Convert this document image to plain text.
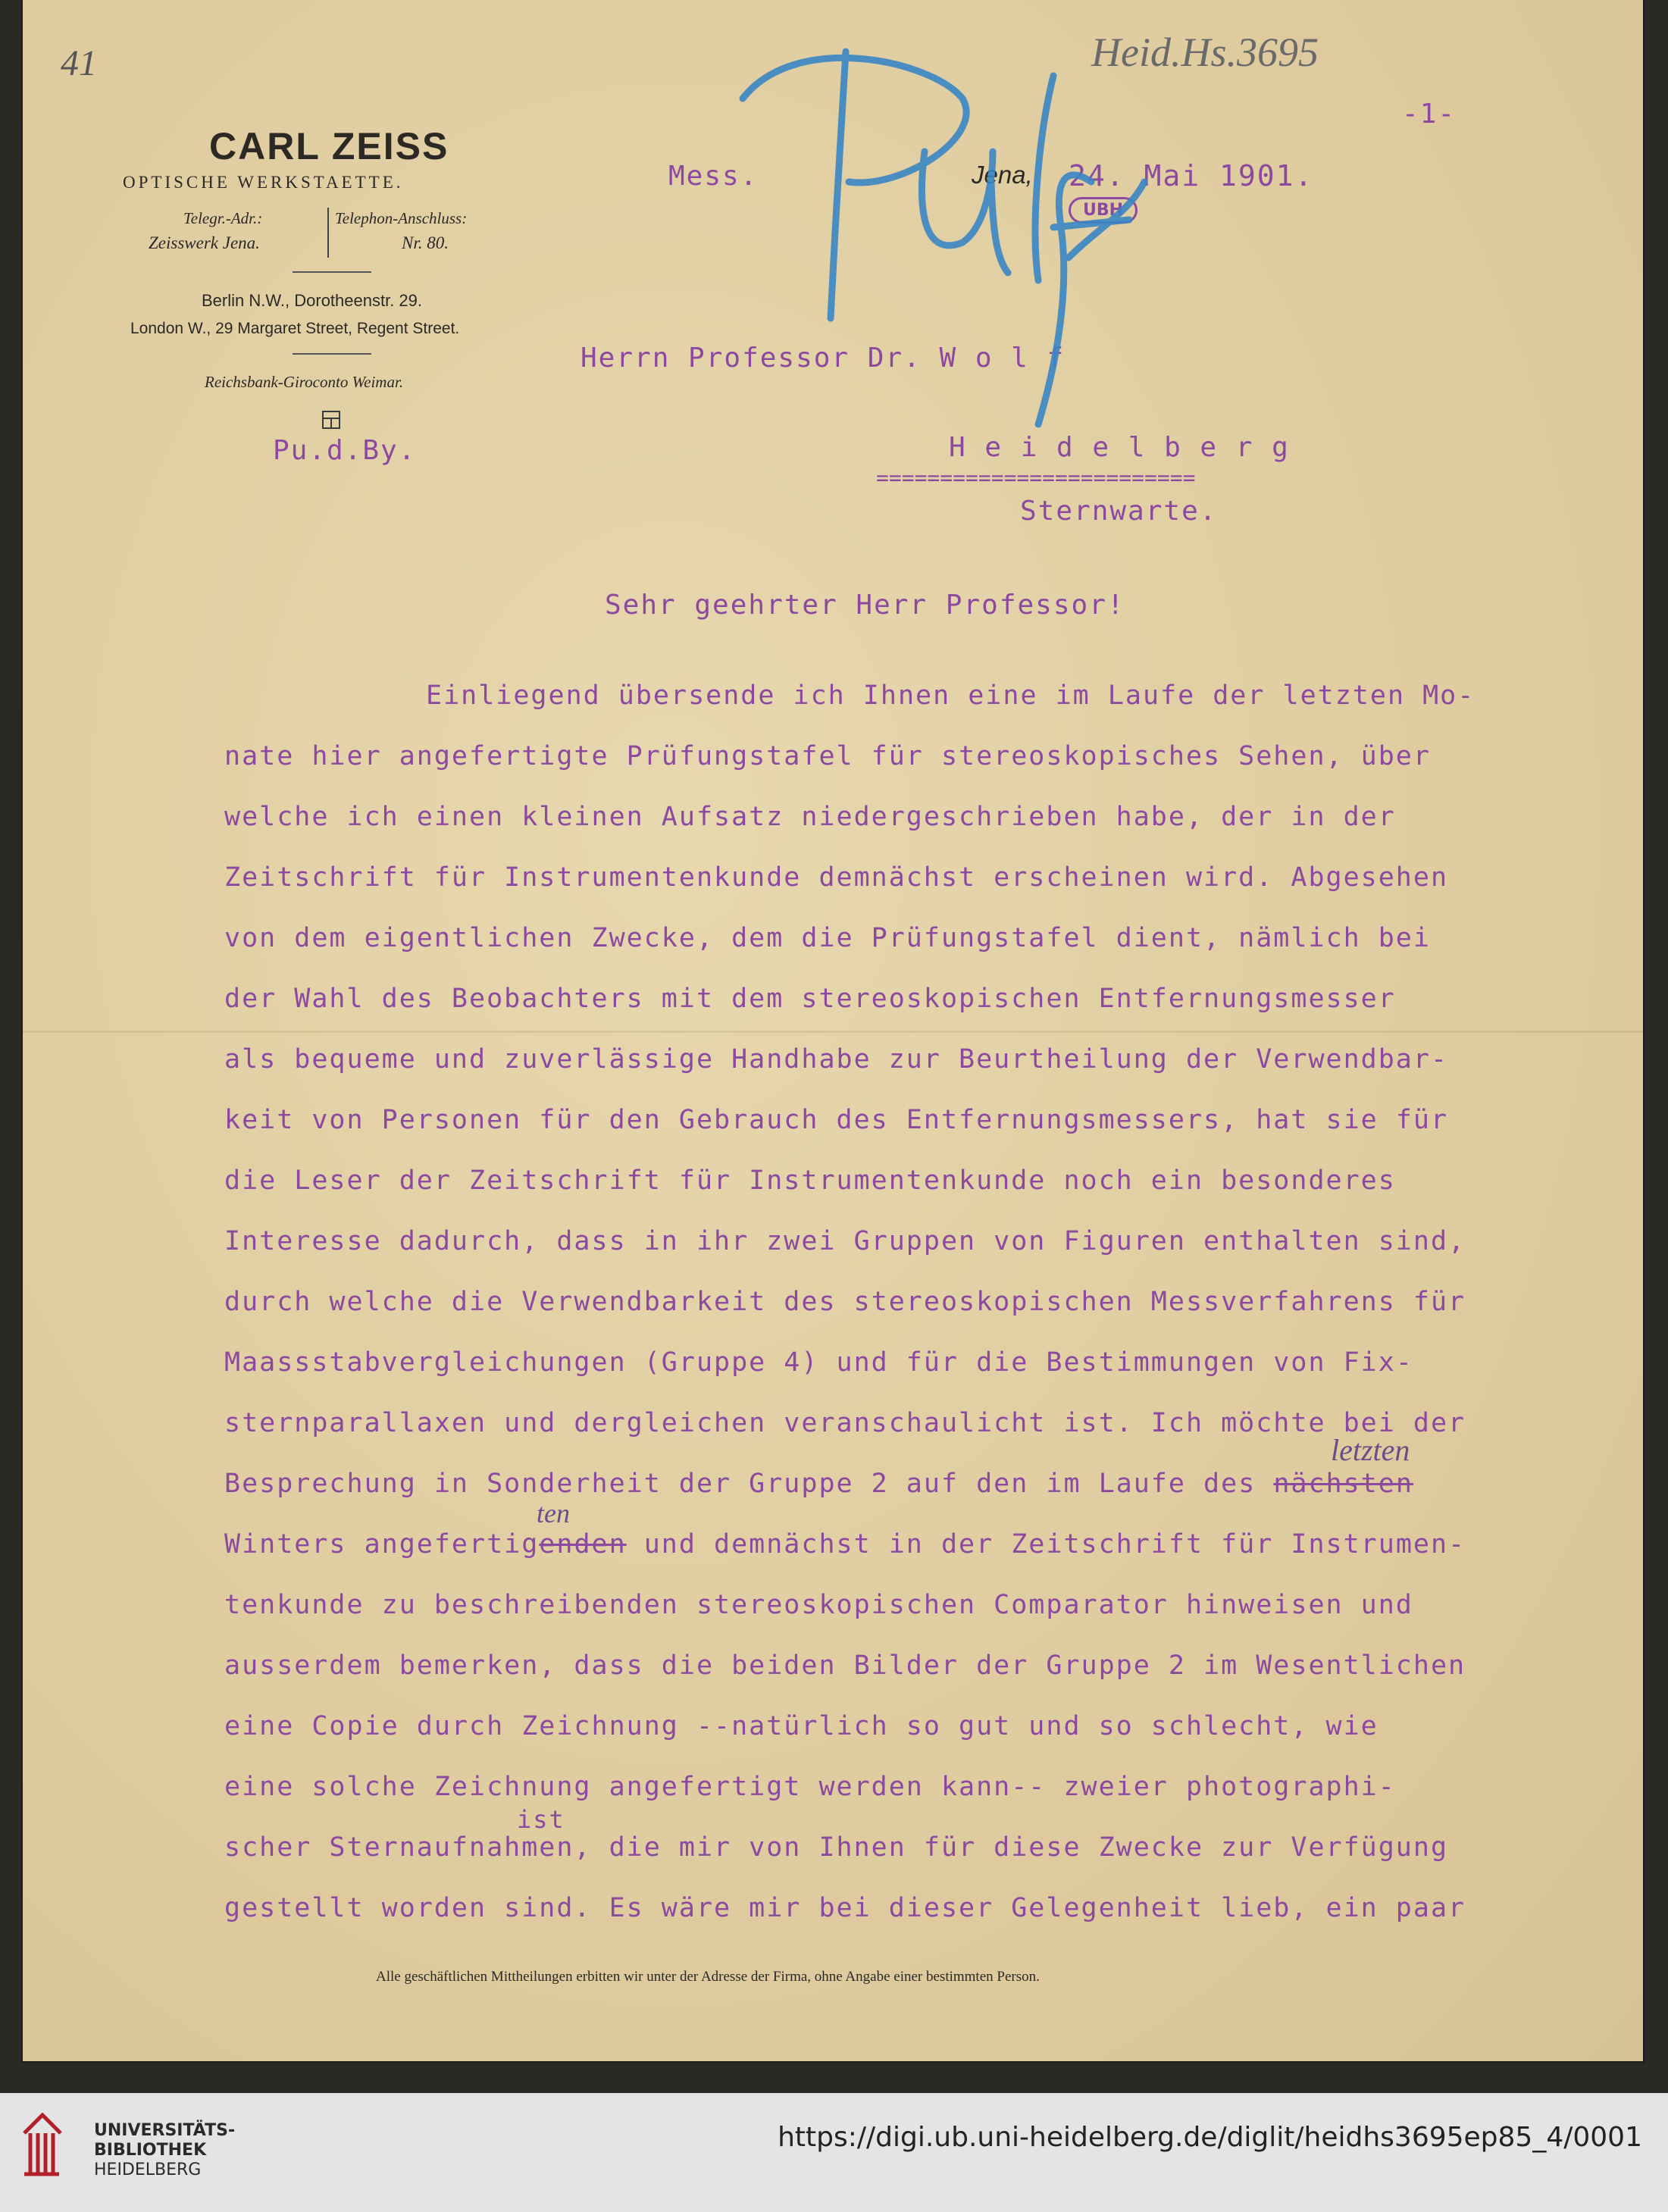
41	Heid.Hs.3695
-1-
CARL ZEISS
OPTISCHE WERKSTAETTE.
Telegr.-Adr.:
Zeisswerk Jena.
Telephon-Anschluss:
Nr. 80.
Berlin N.W., Dorotheenstr. 29.
London W., 29 Margaret Street, Regent Street.
Reichsbank-Giroconto Weimar.
Pu.d.By.
Mess.	Jena, 24. Mai 1901.
UBH
Herrn Professor Dr. W o l f
H e i d e l b e r g
=========================
Sternwarte.
Pulf
Sehr geehrter Herr Professor!
Einliegend übersende ich Ihnen eine im Laufe der letzten Mo-
nate hier angefertigte Prüfungstafel für stereoskopisches Sehen, über
welche ich einen kleinen Aufsatz niedergeschrieben habe, der in der
Zeitschrift für Instrumentenkunde demnächst erscheinen wird. Abgesehen
von dem eigentlichen Zwecke, dem die Prüfungstafel dient, nämlich bei
der Wahl des Beobachters mit dem stereoskopischen Entfernungsmesser
als bequeme und zuverlässige Handhabe zur Beurtheilung der Verwendbar-
keit von Personen für den Gebrauch des Entfernungsmessers, hat sie für
die Leser der Zeitschrift für Instrumentenkunde noch ein besonderes
Interesse dadurch, dass in ihr zwei Gruppen von Figuren enthalten sind,
durch welche die Verwendbarkeit des stereoskopischen Messverfahrens für
Maassstabvergleichungen (Gruppe 4) und für die Bestimmungen von Fix-
sternparallaxen und dergleichen veranschaulicht ist. Ich möchte bei der
Besprechung in Sonderheit der Gruppe 2 auf den im Laufe des nächsten
letzten
Winters angefertigenden und demnächst in der Zeitschrift für Instrumen-
ten
tenkunde zu beschreibenden stereoskopischen Comparator hinweisen und
ausserdem bemerken, dass die beiden Bilder der Gruppe 2 im Wesentlichen
eine Copie durch Zeichnung --natürlich so gut und so schlecht, wie
eine solche Zeichnung angefertigt werden kann-- zweier photographi-
ist
scher Sternaufnahmen, die mir von Ihnen für diese Zwecke zur Verfügung
gestellt worden sind. Es wäre mir bei dieser Gelegenheit lieb, ein paar
Alle geschäftlichen Mittheilungen erbitten wir unter der Adresse der Firma, ohne Angabe einer bestimmten Person.
UNIVERSITÄTS-
BIBLIOTHEK
HEIDELBERG
https://digi.ub.uni-heidelberg.de/diglit/heidhs3695ep85_4/0001
